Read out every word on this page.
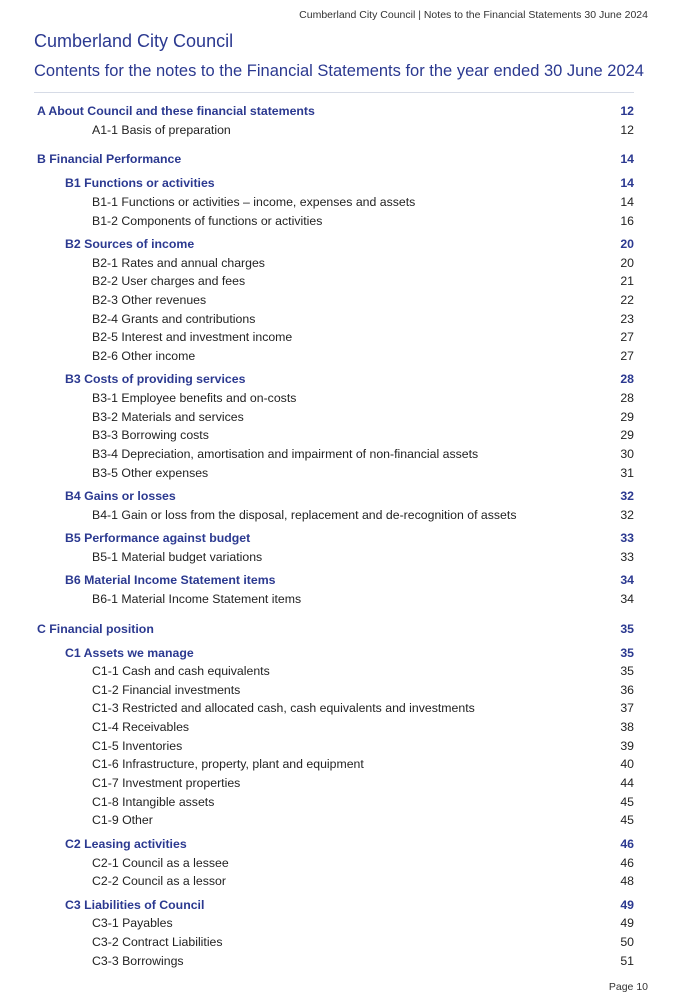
Cumberland City Council | Notes to the Financial Statements 30 June 2024
Cumberland City Council
Contents for the notes to the Financial Statements for the year ended 30 June 2024
A About Council and these financial statements	12
A1-1 Basis of preparation	12
B Financial Performance	14
B1 Functions or activities	14
B1-1 Functions or activities – income, expenses and assets	14
B1-2 Components of functions or activities	16
B2 Sources of income	20
B2-1 Rates and annual charges	20
B2-2 User charges and fees	21
B2-3 Other revenues	22
B2-4 Grants and contributions	23
B2-5 Interest and investment income	27
B2-6 Other income	27
B3 Costs of providing services	28
B3-1 Employee benefits and on-costs	28
B3-2 Materials and services	29
B3-3 Borrowing costs	29
B3-4 Depreciation, amortisation and impairment of non-financial assets	30
B3-5 Other expenses	31
B4 Gains or losses	32
B4-1 Gain or loss from the disposal, replacement and de-recognition of assets	32
B5 Performance against budget	33
B5-1 Material budget variations	33
B6 Material Income Statement items	34
B6-1 Material Income Statement items	34
C Financial position	35
C1 Assets we manage	35
C1-1 Cash and cash equivalents	35
C1-2 Financial investments	36
C1-3 Restricted and allocated cash, cash equivalents and investments	37
C1-4 Receivables	38
C1-5 Inventories	39
C1-6 Infrastructure, property, plant and equipment	40
C1-7 Investment properties	44
C1-8 Intangible assets	45
C1-9 Other	45
C2 Leasing activities	46
C2-1 Council as a lessee	46
C2-2 Council as a lessor	48
C3 Liabilities of Council	49
C3-1 Payables	49
C3-2 Contract Liabilities	50
C3-3 Borrowings	51
Page 10
